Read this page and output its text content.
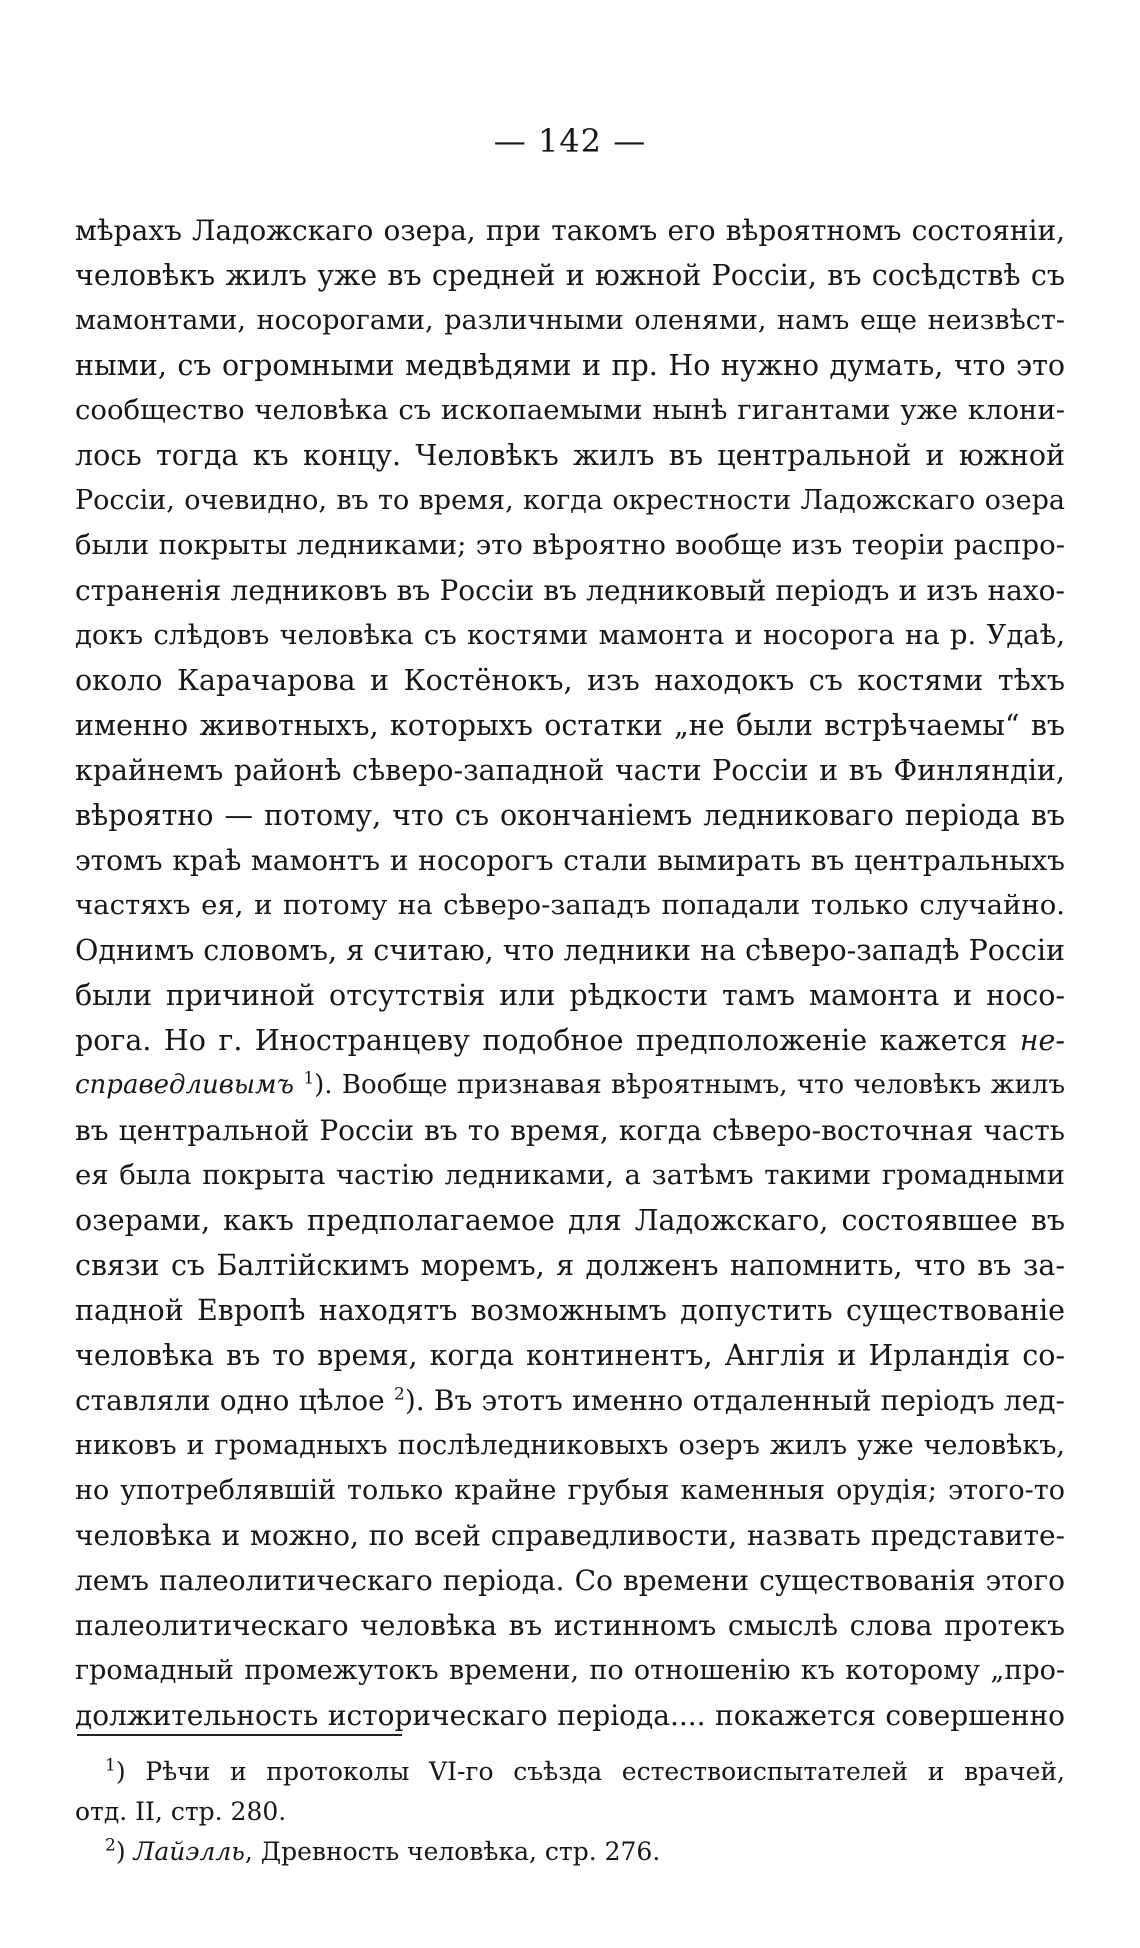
— 142 —
мѣрахъ Ладожскаго озера, при такомъ его вѣроятномъ состояніи,
человѣкъ жилъ уже въ средней и южной Россіи, въ сосѣдствѣ съ
мамонтами, носорогами, различными оленями, намъ еще неизвѣст-
ными, съ огромными медвѣдями и пр. Но нужно думать, что это
сообщество человѣка съ ископаемыми нынѣ гигантами уже клони-
лось тогда къ концу. Человѣкъ жилъ въ центральной и южной
Россіи, очевидно, въ то время, когда окрестности Ладожскаго озера
были покрыты ледниками; это вѣроятно вообще изъ теоріи распро-
страненія ледниковъ въ Россіи въ ледниковый періодъ и изъ нахо-
докъ слѣдовъ человѣка съ костями мамонта и носорога на р. Удаѣ,
около Карачарова и Костёнокъ, изъ находокъ съ костями тѣхъ
именно животныхъ, которыхъ остатки „не были встрѣчаемы“ въ
крайнемъ районѣ сѣверо-западной части Россіи и въ Финляндіи,
вѣроятно — потому, что съ окончаніемъ ледниковаго періода въ
этомъ краѣ мамонтъ и носорогъ стали вымирать въ центральныхъ
частяхъ ея, и потому на сѣверо-западъ попадали только случайно.
Однимъ словомъ, я считаю, что ледники на сѣверо-западѣ Россіи
были причиной отсутствія или рѣдкости тамъ мамонта и носо-
рога. Но г. Иностранцеву подобное предположеніе кажется не-
справедливымъ $^1$). Вообще признавая вѣроятнымъ, что человѣкъ жилъ
въ центральной Россіи въ то время, когда сѣверо-восточная часть
ея была покрыта частію ледниками, а затѣмъ такими громадными
озерами, какъ предполагаемое для Ладожскаго, состоявшее въ
связи съ Балтійскимъ моремъ, я долженъ напомнить, что въ за-
падной Европѣ находятъ возможнымъ допустить существованіе
человѣка въ то время, когда континентъ, Англія и Ирландія со-
ставляли одно цѣлое $^2$). Въ этотъ именно отдаленный періодъ лед-
никовъ и громадныхъ послѣледниковыхъ озеръ жилъ уже человѣкъ,
но употреблявшій только крайне грубыя каменныя орудія; этого-то
человѣка и можно, по всей справедливости, назвать представите-
лемъ палеолитическаго періода. Со времени существованія этого
палеолитическаго человѣка въ истинномъ смыслѣ слова протекъ
громадный промежутокъ времени, по отношенію къ которому „про-
должительность историческаго періода.... покажется совершенно
$^1$) Рѣчи и протоколы VI-го съѣзда естествоиспытателей и врачей,
отд. II, стр. 280.
$^2$) Лайэлль, Древность человѣка, стр. 276.
